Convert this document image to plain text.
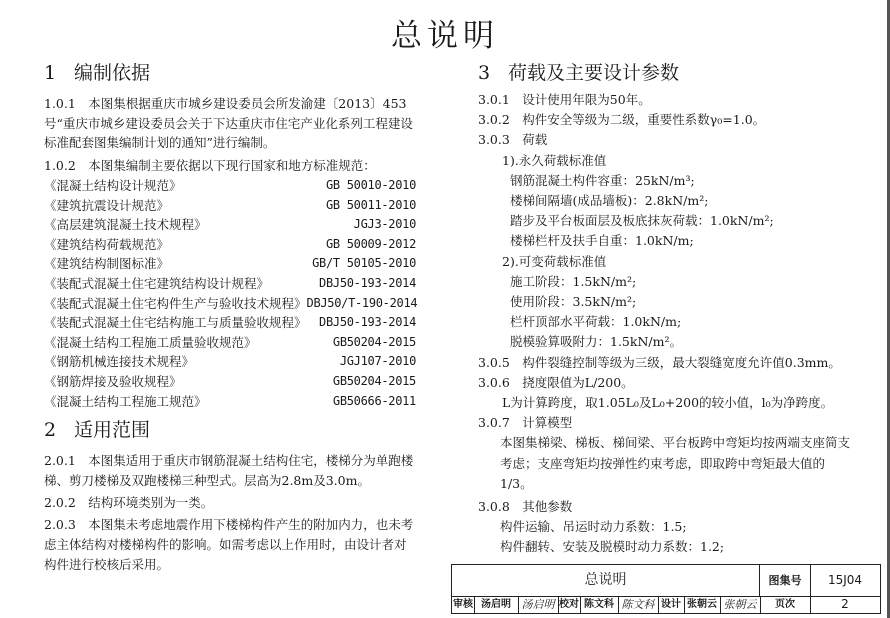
总说明
1 编制依据

1.0.1　本图集根据重庆市城乡建设委员会所发渝建〔2013〕453号“重庆市城乡建设委员会关于下达重庆市住宅产业化系列工程建设标准配套图集编制计划的通知”进行编制。

1.0.2　本图集编制主要依据以下现行国家和地方标准规范：

《混凝土结构设计规范》	GB 50010-2010
《建筑抗震设计规范》	GB 50011-2010
《高层建筑混凝土技术规程》	JGJ3-2010
《建筑结构荷载规范》	GB 50009-2012
《建筑结构制图标准》	GB/T 50105-2010
《装配式混凝土住宅建筑结构设计规程》	DBJ50-193-2014
《装配式混凝土住宅构件生产与验收技术规程》 DBJ50/T-190-2014
《装配式混凝土住宅结构施工与质量验收规程》 DBJ50-193-2014
《混凝土结构工程施工质量验收规范》	GB50204-2015
《钢筋机械连接技术规程》	JGJ107-2010
《钢筋焊接及验收规程》	GB50204-2015
《混凝土结构工程施工规范》	GB50666-2011
2 适用范围

2.0.1　本图集适用于重庆市钢筋混凝土结构住宅，楼梯分为单跑楼梯、剪刀楼梯及双跑楼梯三种型式。层高为2.8m及3.0m。

2.0.2　结构环境类别为一类。

2.0.3　本图集未考虑地震作用下楼梯构件产生的附加内力，也未考虑主体结构对楼梯构件的影响。如需考虑以上作用时，由设计者对构件进行校核后采用。

3 荷载及主要设计参数

3.0.1　设计使用年限为50年。

3.0.2　构件安全等级为二级，重要性系数γ₀=1.0。

3.0.3　荷载

1).永久荷载标准值

钢筋混凝土构件容重：25kN/m³;

楼梯间隔墙(成品墙板)：2.8kN/m²;

踏步及平台板面层及板底抹灰荷载：1.0kN/m²;

楼梯栏杆及扶手自重：1.0kN/m;

2).可变荷载标准值

施工阶段：1.5kN/m²;

使用阶段：3.5kN/m²;

栏杆顶部水平荷载：1.0kN/m;

脱模验算吸附力：1.5kN/m²。

3.0.5　构件裂缝控制等级为三级，最大裂缝宽度允许值0.3mm。

3.0.6　挠度限值为L/200。

L为计算跨度，取1.05L₀及L₀+200的较小值，l₀为净跨度。

3.0.7　计算模型

本图集梯梁、梯板、梯间梁、平台板跨中弯矩均按两端支座简支考虑；支座弯矩均按弹性约束考虑，即取跨中弯矩最大值的1/3。

3.0.8　其他参数

构件运输、吊运时动力系数：1.5;

构件翻转、安装及脱模时动力系数：1.2;

总说明	图集号	15J04
审核 汤启明 汤启明 校对 陈文科 陈文科 设计 张朝云 张朝云	页次	2
